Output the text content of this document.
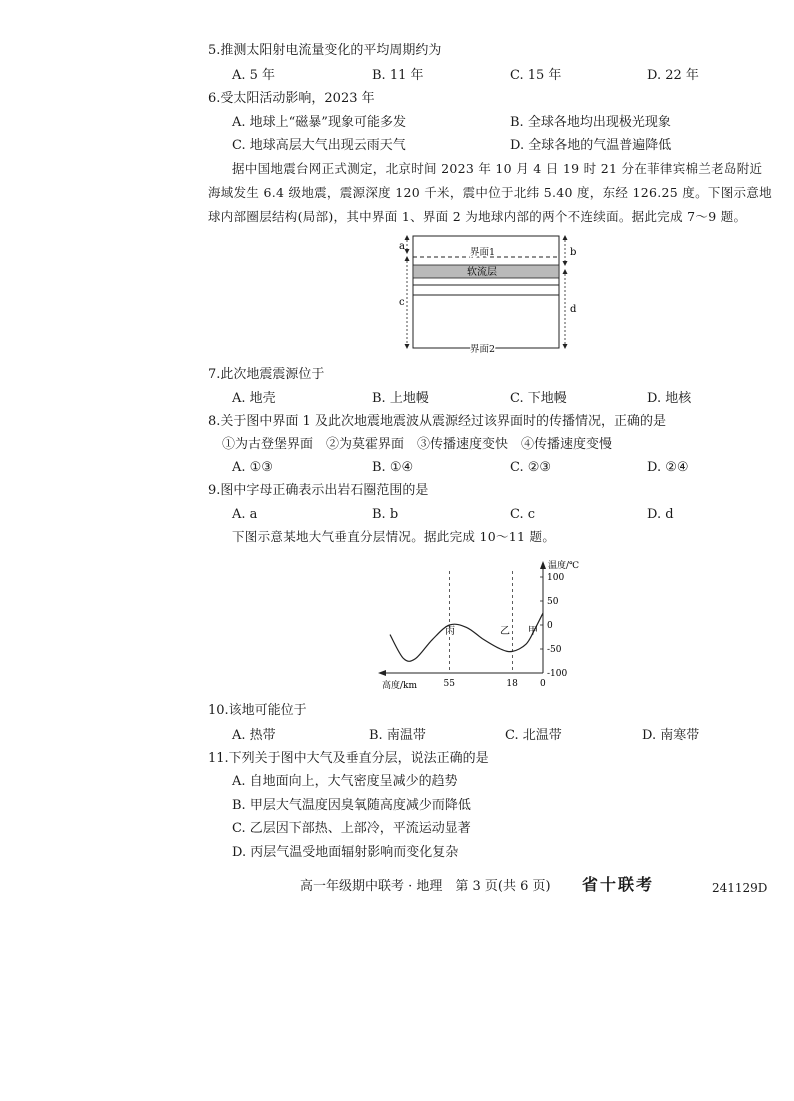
5.推测太阳射电流量变化的平均周期约为
A. 5 年	B. 11 年	C. 15 年	D. 22 年
6.受太阳活动影响，2023 年
A. 地球上“磁暴”现象可能多发	B. 全球各地均出现极光现象
C. 地球高层大气出现云雨天气	D. 全球各地的气温普遍降低
据中国地震台网正式测定，北京时间 2023 年 10 月 4 日 19 时 21 分在菲律宾棉兰老岛附近
海域发生 6.4 级地震，震源深度 120 千米，震中位于北纬 5.40 度，东经 126.25 度。下图示意地
球内部圈层结构(局部)，其中界面 1、界面 2 为地球内部的两个不连续面。据此完成 7～9 题。
a
c
b
d
界面1
软流层
界面2
7.此次地震震源位于
A. 地壳	B. 上地幔	C. 下地幔	D. 地核
8.关于图中界面 1 及此次地震地震波从震源经过该界面时的传播情况，正确的是
①为古登堡界面　②为莫霍界面　③传播速度变快　④传播速度变慢
A. ①③	B. ①④	C. ②③	D. ②④
9.图中字母正确表示出岩石圈范围的是
A. a	B. b	C. c	D. d
下图示意某地大气垂直分层情况。据此完成 10～11 题。
100
50
0
-50
-100
55	18 0
温度/℃
高度/km
丙	乙 甲
10.该地可能位于
A. 热带	B. 南温带	C. 北温带	D. 南寒带
11.下列关于图中大气及垂直分层，说法正确的是
A. 自地面向上，大气密度呈减少的趋势
B. 甲层大气温度因臭氧随高度减少而降低
C. 乙层因下部热、上部冷，平流运动显著
D. 丙层气温受地面辐射影响而变化复杂
高一年级期中联考 · 地理　第 3 页(共 6 页) 省十联考	241129D
